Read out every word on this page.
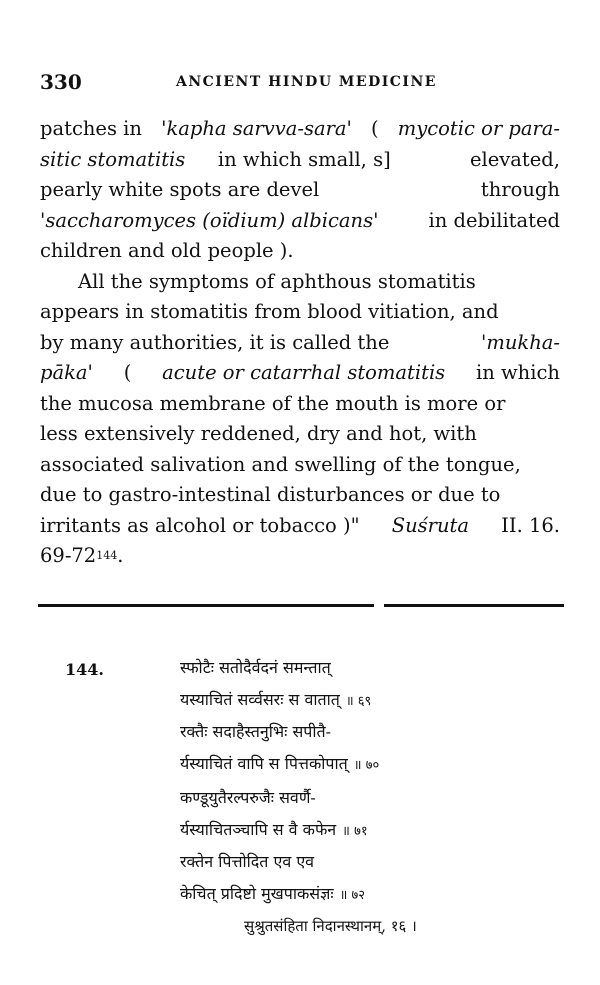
330	ANCIENT HINDU MEDICINE
patches in 'kapha sarvva-sara' ( mycotic or para-
sitic stomatitis in which small, s]	elevated,
pearly white spots are devel	through
'saccharomyces (oïdium) albicans'	in debilitated
children and old people ).
All the symptoms of aphthous stomatitis
appears in stomatitis from blood vitiation, and
by many authorities, it is called the	'mukha-
pāka' ( acute or catarrhal stomatitis in which
the mucosa membrane of the mouth is more or
less extensively reddened, dry and hot, with
associated salivation and swelling of the tongue,
due to gastro-intestinal disturbances or due to
irritants as alcohol or tobacco )" Suśruta II. 16.
69-72 144 .
144.	स्फोटैः सतोदैर्वदनं समन्तात्
यस्याचितं सर्व्वसरः स वातात् ॥ ६९
रक्तैः सदाहैस्तनुभिः सपीतै-
र्यस्याचितं वापि स पित्तकोपात् ॥ ७०
कण्डूयुतैरल्परुजैः सवर्णै-
र्यस्याचितञ्चापि स वै कफेन ॥ ७१
रक्तेन पित्तोदित एव एव
केचित् प्रदिष्टो मुखपाकसंज्ञः ॥ ७२
सुश्रुतसंहिता निदानस्थानम्, १६ ।
